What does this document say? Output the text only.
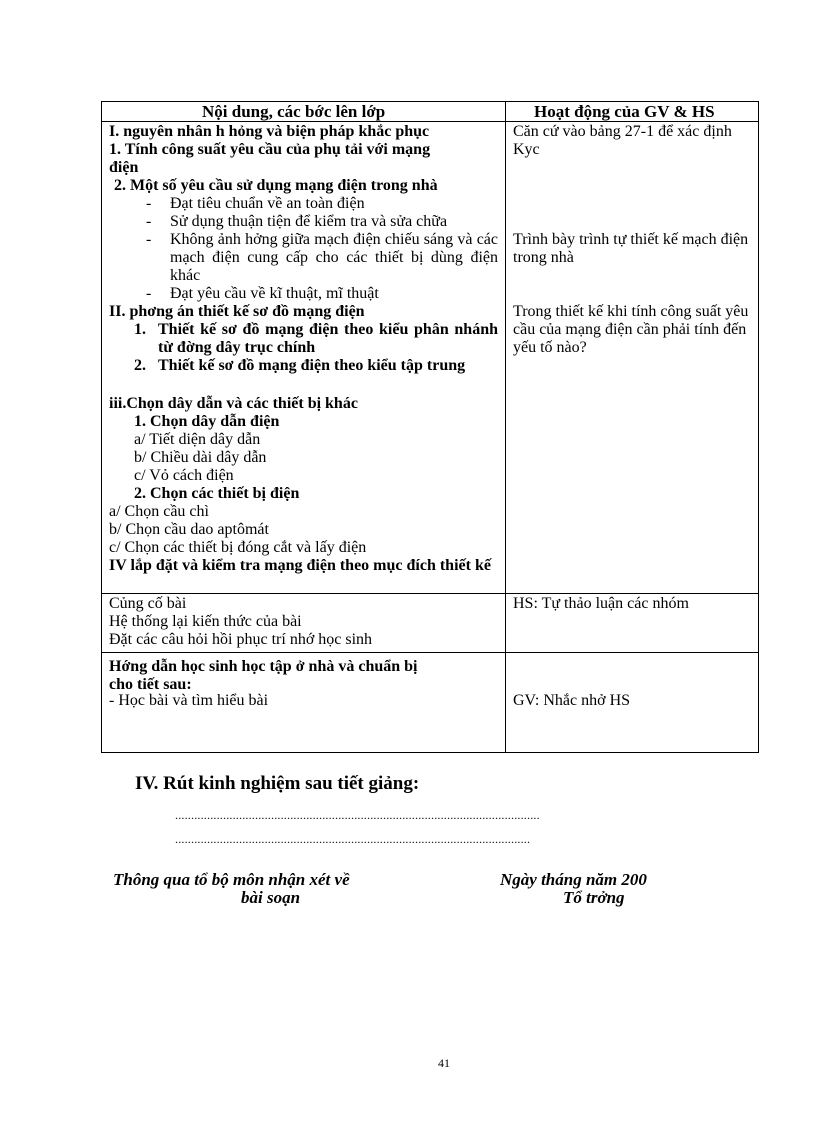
Nội dung, các bớc lên lớp	Hoạt động của GV & HS
I. nguyên nhân h hỏng và biện pháp khắc phục
1. Tính công suất yêu cầu của phụ tải với mạng
điện
2. Một số yêu cầu sử dụng mạng điện trong nhà
- Đạt tiêu chuẩn về an toàn điện
- Sử dụng thuận tiện để kiểm tra và sửa chữa
- Không ảnh hởng giữa mạch điện chiếu sáng và các mạch điện cung cấp cho các thiết bị dùng điện khác
- Đạt yêu cầu về kĩ thuật, mĩ thuật
II. phơng án thiết kế sơ đồ mạng điện
1. Thiết kế sơ đồ mạng điện theo kiểu phân nhánh từ đờng dây trục chính
2. Thiết kế sơ đồ mạng điện theo kiểu tập trung
iii.Chọn dây dẫn và các thiết bị khác
1. Chọn dây dẫn điện
a/ Tiết diện dây dẫn
b/ Chiều dài dây dẫn
c/ Vỏ cách điện
2. Chọn các thiết bị điện
a/ Chọn cầu chì
b/ Chọn cầu dao aptômát
c/ Chọn các thiết bị đóng cắt và lấy điện
IV lắp đặt và kiểm tra mạng điện theo mục đích thiết kế
Căn cứ vào bảng 27-1 để xác định Kyc
Trình bày trình tự thiết kế mạch điện trong nhà
Trong thiết kế khi tính công suất yêu cầu của mạng điện cần phải tính đến yếu tố nào?
Củng cố bài
Hệ thống lại kiến thức của bài
Đặt các câu hỏi hồi phục trí nhớ học sinh
HS: Tự thảo luận các nhóm
Hớng dẫn học sinh học tập ở nhà và chuẩn bị
cho tiết sau:
- Học bài và tìm hiểu bài	GV: Nhắc nhở HS
IV. Rút kinh nghiệm sau tiết giảng:
..................................................................................................................
...............................................................................................................
Thông qua tổ bộ môn nhận xét về
bài soạn
Ngày tháng năm 200
Tổ trởng
41
